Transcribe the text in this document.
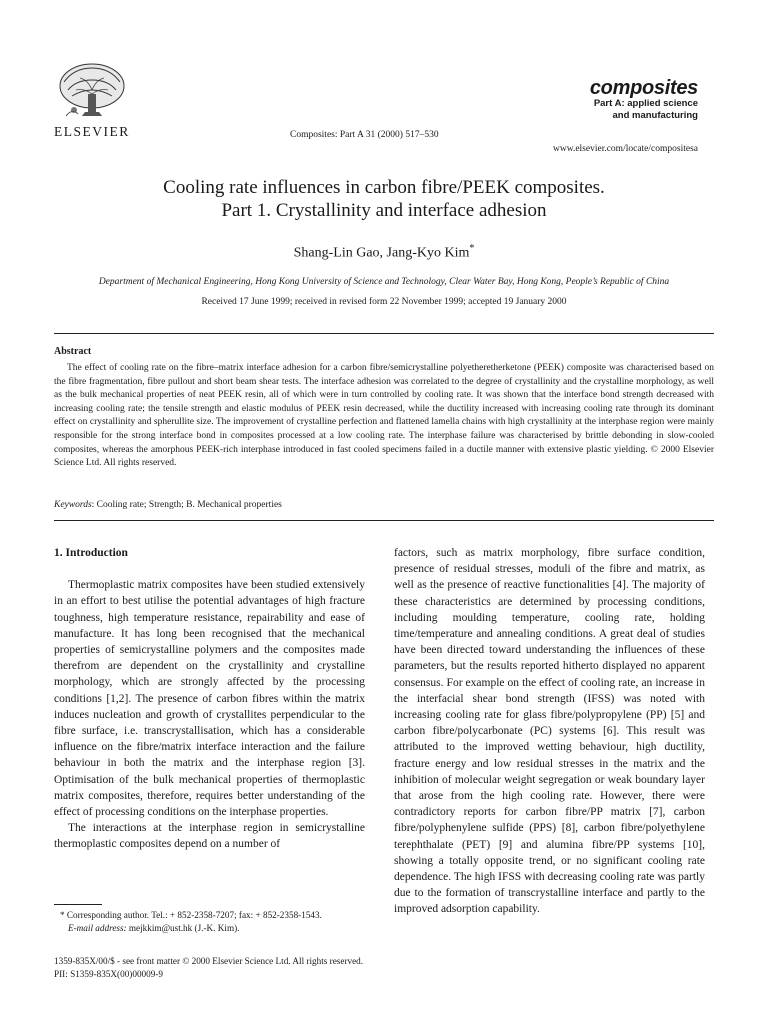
ELSEVIER	Composites: Part A 31 (2000) 517–530
composites
Part A: applied science
and manufacturing
www.elsevier.com/locate/compositesa
Cooling rate influences in carbon fibre/PEEK composites.
Part 1. Crystallinity and interface adhesion
Shang-Lin Gao, Jang-Kyo Kim*
Department of Mechanical Engineering, Hong Kong University of Science and Technology, Clear Water Bay, Hong Kong, People’s Republic of China
Received 17 June 1999; received in revised form 22 November 1999; accepted 19 January 2000
Abstract
The effect of cooling rate on the fibre–matrix interface adhesion for a carbon fibre/semicrystalline polyetheretherketone (PEEK) composite was characterised based on the fibre fragmentation, fibre pullout and short beam shear tests. The interface adhesion was correlated to the degree of crystallinity and the crystalline morphology, as well as the bulk mechanical properties of neat PEEK resin, all of which were in turn controlled by cooling rate. It was shown that the interface bond strength decreased with increasing cooling rate; the tensile strength and elastic modulus of PEEK resin decreased, while the ductility increased with increasing cooling rate through its dominant effect on crystallinity and spherullite size. The improvement of crystalline perfection and flattened lamella chains with high crystallinity at the interphase region were mainly responsible for the strong interface bond in composites processed at a low cooling rate. The interphase failure was characterised by brittle debonding in slow-cooled composites, whereas the amorphous PEEK-rich interphase introduced in fast cooled specimens failed in a ductile manner with extensive plastic yielding. © 2000 Elsevier Science Ltd. All rights reserved.
Keywords: Cooling rate; Strength; B. Mechanical properties
1. Introduction

Thermoplastic matrix composites have been studied extensively in an effort to best utilise the potential advantages of high fracture toughness, high temperature resistance, repairability and ease of manufacture. It has long been recognised that the mechanical properties of semicrystalline polymers and the composites made therefrom are dependent on the crystallinity and crystalline morphology, which are strongly affected by the processing conditions [1,2]. The presence of carbon fibres within the matrix induces nucleation and growth of crystallites perpendicular to the fibre surface, i.e. transcrystallisation, which has a considerable influence on the fibre/matrix interface interaction and the failure behaviour in both the matrix and the interphase region [3]. Optimisation of the bulk mechanical properties of thermoplastic matrix composites, therefore, requires better understanding of the effect of processing conditions on the interphase properties.

The interactions at the interphase region in semicrystalline thermoplastic composites depend on a number of

factors, such as matrix morphology, fibre surface condition, presence of residual stresses, moduli of the fibre and matrix, as well as the presence of reactive functionalities [4]. The majority of these characteristics are determined by processing conditions, including moulding temperature, cooling rate, holding time/temperature and annealing conditions. A great deal of studies have been directed toward understanding the influences of these parameters, but the results reported hitherto displayed no apparent consensus. For example on the effect of cooling rate, an increase in the interfacial shear bond strength (IFSS) was noted with increasing cooling rate for glass fibre/polypropylene (PP) [5] and carbon fibre/polycarbonate (PC) systems [6]. This result was attributed to the improved wetting behaviour, high ductility, fracture energy and low residual stresses in the matrix and the inhibition of molecular weight segregation or weak boundary layer that arose from the high cooling rate. However, there were contradictory reports for carbon fibre/PP matrix [7], carbon fibre/polyphenylene sulfide (PPS) [8], carbon fibre/polyethylene terephthalate (PET) [9] and alumina fibre/PP systems [10], showing a totally opposite trend, or no significant cooling rate dependence. The high IFSS with decreasing cooling rate was partly due to the formation of transcrystalline interface and partly to the improved adsorption capability.

* Corresponding author. Tel.: + 852-2358-7207; fax: + 852-2358-1543.
E-mail address: mejkkim@ust.hk (J.-K. Kim).
1359-835X/00/$ - see front matter © 2000 Elsevier Science Ltd. All rights reserved.
PII: S1359-835X(00)00009-9
